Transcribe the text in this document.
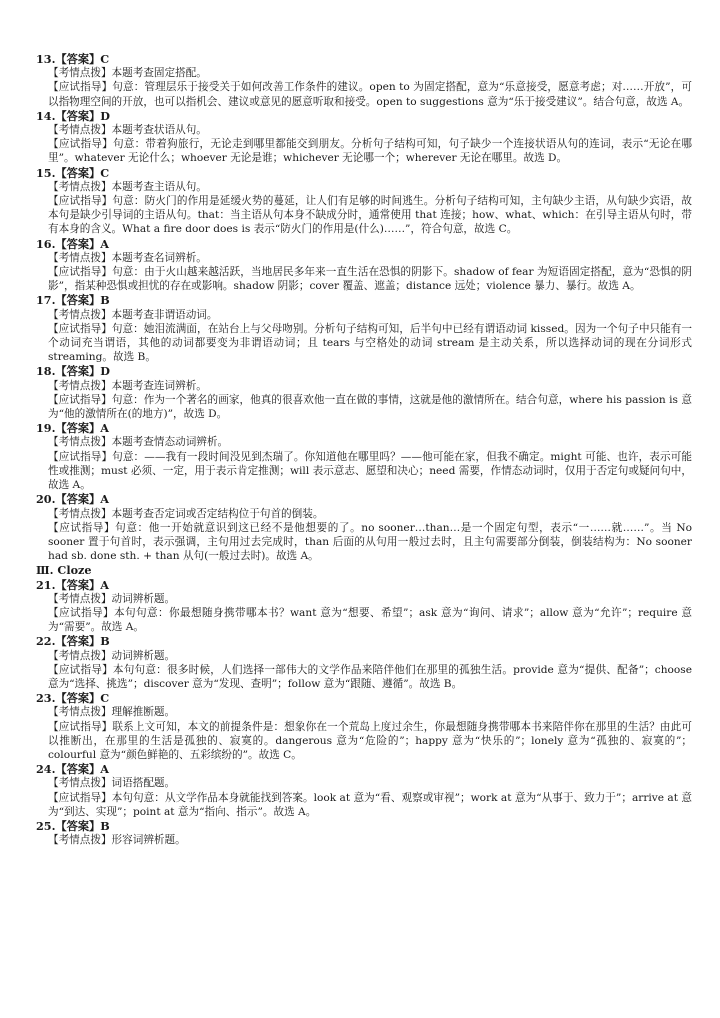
13.【答案】C

【考情点拨】本题考查固定搭配。

【应试指导】句意：管理层乐于接受关于如何改善工作条件的建议。open to 为固定搭配，意为“乐意接受，愿意考虑；对……开放”，可以指物理空间的开放，也可以指机会、建议或意见的愿意听取和接受。open to suggestions 意为“乐于接受建议”。结合句意，故选 A。

14.【答案】D

【考情点拨】本题考查状语从句。

【应试指导】句意：带着狗旅行，无论走到哪里都能交到朋友。分析句子结构可知，句子缺少一个连接状语从句的连词，表示“无论在哪里”。whatever 无论什么；whoever 无论是谁；whichever 无论哪一个；wherever 无论在哪里。故选 D。

15.【答案】C

【考情点拨】本题考查主语从句。

【应试指导】句意：防火门的作用是延缓火势的蔓延，让人们有足够的时间逃生。分析句子结构可知，主句缺少主语，从句缺少宾语，故本句是缺少引导词的主语从句。that：当主语从句本身不缺成分时，通常使用 that 连接；how、what、which：在引导主语从句时，带有本身的含义。What a fire door does is 表示“防火门的作用是(什么)……”，符合句意，故选 C。

16.【答案】A

【考情点拨】本题考查名词辨析。

【应试指导】句意：由于火山越来越活跃，当地居民多年来一直生活在恐惧的阴影下。shadow of fear 为短语固定搭配，意为“恐惧的阴影”，指某种恐惧或担忧的存在或影响。shadow 阴影；cover 覆盖、遮盖；distance 远处；violence 暴力、暴行。故选 A。

17.【答案】B

【考情点拨】本题考查非谓语动词。

【应试指导】句意：她泪流满面，在站台上与父母吻别。分析句子结构可知，后半句中已经有谓语动词 kissed。因为一个句子中只能有一个动词充当谓语，其他的动词都要变为非谓语动词；且 tears 与空格处的动词 stream 是主动关系，所以选择动词的现在分词形式 streaming。故选 B。

18.【答案】D

【考情点拨】本题考查连词辨析。

【应试指导】句意：作为一个著名的画家，他真的很喜欢他一直在做的事情，这就是他的激情所在。结合句意，where his passion is 意为“他的激情所在(的地方)”，故选 D。

19.【答案】A

【考情点拨】本题考查情态动词辨析。

【应试指导】句意：——我有一段时间没见到杰瑞了。你知道他在哪里吗？——他可能在家，但我不确定。might 可能、也许，表示可能性或推测；must 必须、一定，用于表示肯定推测；will 表示意志、愿望和决心；need 需要，作情态动词时，仅用于否定句或疑问句中，故选 A。

20.【答案】A

【考情点拨】本题考查否定词或否定结构位于句首的倒装。

【应试指导】句意：他一开始就意识到这已经不是他想要的了。no sooner…than…是一个固定句型，表示“一……就……”。当 No sooner 置于句首时，表示强调，主句用过去完成时，than 后面的从句用一般过去时，且主句需要部分倒装，倒装结构为：No sooner had sb. done sth. + than 从句(一般过去时)。故选 A。

Ⅲ. Cloze

21.【答案】A

【考情点拨】动词辨析题。

【应试指导】本句句意：你最想随身携带哪本书？want 意为“想要、希望”；ask 意为“询问、请求”；allow 意为“允许”；require 意为“需要”。故选 A。

22.【答案】B

【考情点拨】动词辨析题。

【应试指导】本句句意：很多时候，人们选择一部伟大的文学作品来陪伴他们在那里的孤独生活。provide 意为“提供、配备”；choose 意为“选择、挑选”；discover 意为“发现、查明”；follow 意为“跟随、遵循”。故选 B。

23.【答案】C

【考情点拨】理解推断题。

【应试指导】联系上文可知，本文的前提条件是：想象你在一个荒岛上度过余生，你最想随身携带哪本书来陪伴你在那里的生活？由此可以推断出，在那里的生活是孤独的、寂寞的。dangerous 意为“危险的”；happy 意为“快乐的”；lonely 意为“孤独的、寂寞的”；colourful 意为“颜色鲜艳的、五彩缤纷的”。故选 C。

24.【答案】A

【考情点拨】词语搭配题。

【应试指导】本句句意：从文学作品本身就能找到答案。look at 意为“看、观察或审视”；work at 意为“从事于、致力于”；arrive at 意为“到达、实现”；point at 意为“指向、指示”。故选 A。

25.【答案】B

【考情点拨】形容词辨析题。
